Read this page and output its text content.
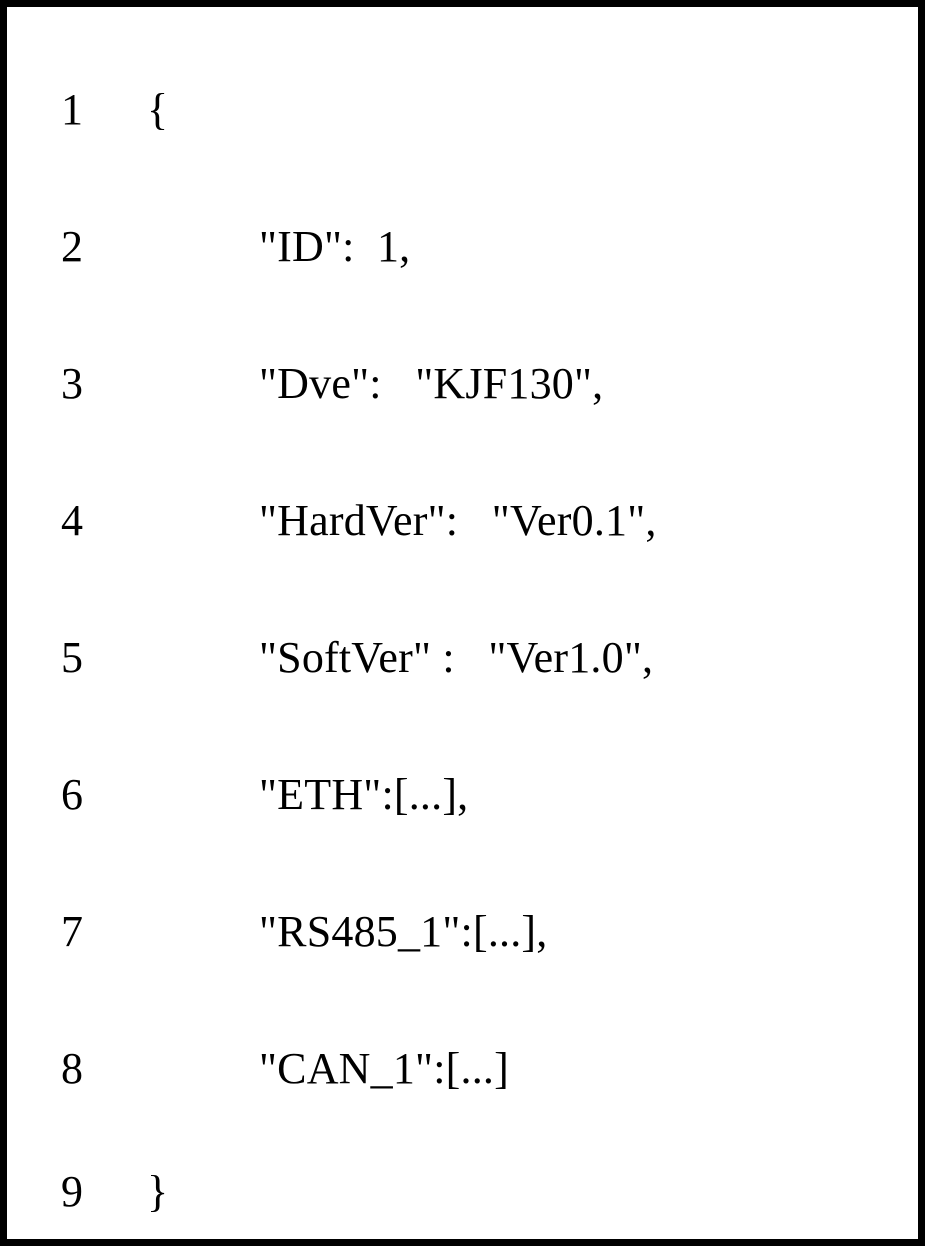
1	{
2	"ID":  1,
3	"Dve":   "KJF130",
4	"HardVer":   "Ver0.1",
5	"SoftVer" :   "Ver1.0",
6	"ETH":[...],
7	"RS485_1":[...],
8	"CAN_1":[...]
9	}
